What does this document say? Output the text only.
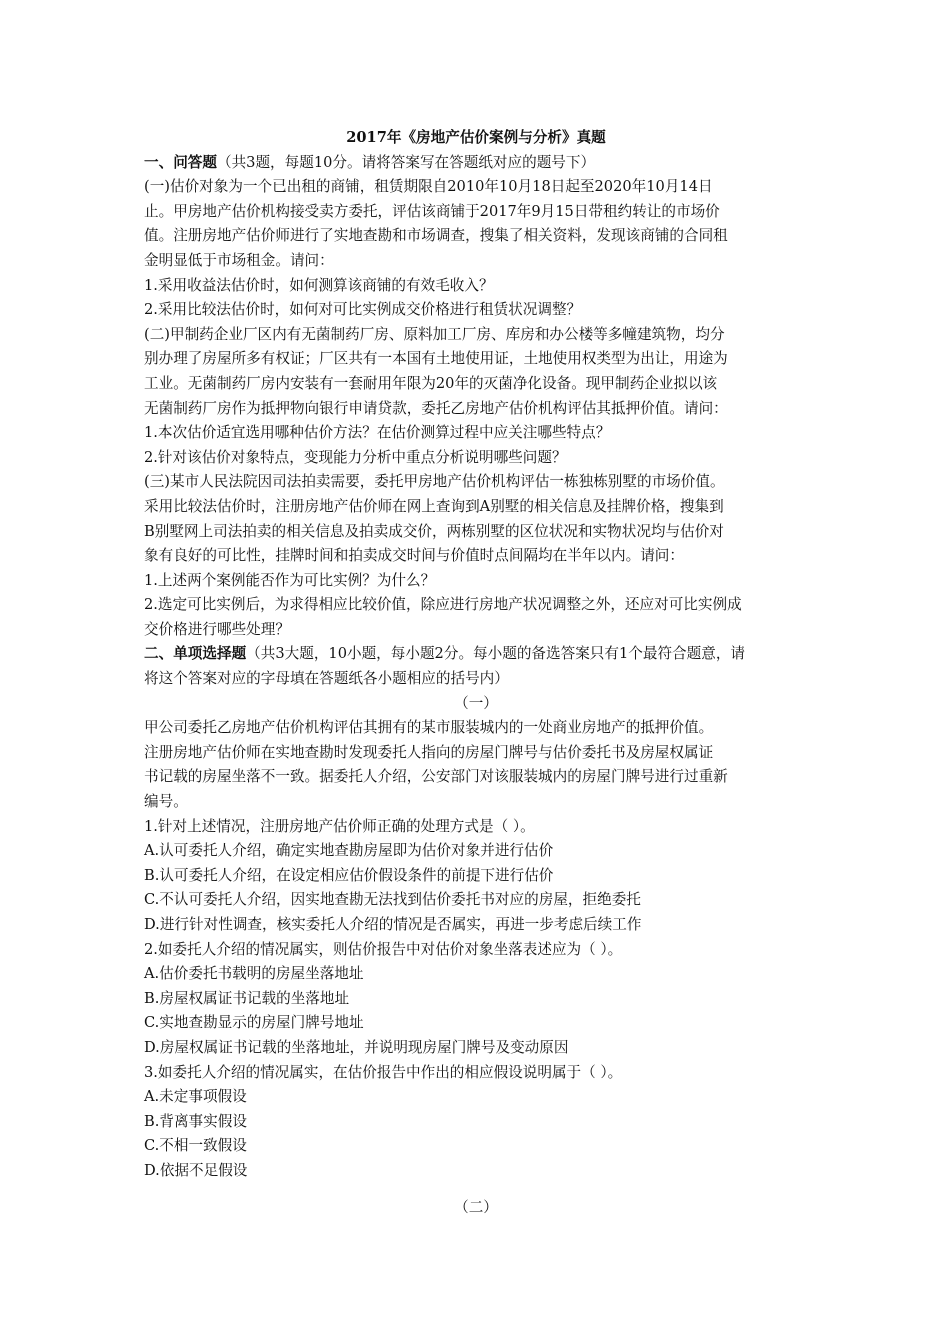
2017年《房地产估价案例与分析》真题
一、问答题（共3题，每题10分。请将答案写在答题纸对应的题号下）
(一)估价对象为一个已出租的商铺，租赁期限自2010年10月18日起至2020年10月14日
止。甲房地产估价机构接受卖方委托，评估该商铺于2017年9月15日带租约转让的市场价
值。注册房地产估价师进行了实地查勘和市场调查，搜集了相关资料，发现该商铺的合同租
金明显低于市场租金。请问：
1.采用收益法估价时，如何测算该商铺的有效毛收入？
2.采用比较法估价时，如何对可比实例成交价格进行租赁状况调整？
(二)甲制药企业厂区内有无菌制药厂房、原料加工厂房、库房和办公楼等多幢建筑物，均分
别办理了房屋所多有权证；厂区共有一本国有土地使用证，土地使用权类型为出让，用途为
工业。无菌制药厂房内安装有一套耐用年限为20年的灭菌净化设备。现甲制药企业拟以该
无菌制药厂房作为抵押物向银行申请贷款，委托乙房地产估价机构评估其抵押价值。请问：
1.本次估价适宜选用哪种估价方法？在估价测算过程中应关注哪些特点？
2.针对该估价对象特点，变现能力分析中重点分析说明哪些问题？
(三)某市人民法院因司法拍卖需要，委托甲房地产估价机构评估一栋独栋别墅的市场价值。
采用比较法估价时，注册房地产估价师在网上查询到A别墅的相关信息及挂牌价格，搜集到
B别墅网上司法拍卖的相关信息及拍卖成交价，两栋别墅的区位状况和实物状况均与估价对
象有良好的可比性，挂牌时间和拍卖成交时间与价值时点间隔均在半年以内。请问：
1.上述两个案例能否作为可比实例？为什么？
2.选定可比实例后，为求得相应比较价值，除应进行房地产状况调整之外，还应对可比实例成
交价格进行哪些处理？
二、单项选择题（共3大题，10小题，每小题2分。每小题的备选答案只有1个最符合题意，请
将这个答案对应的字母填在答题纸各小题相应的括号内）
（一）
甲公司委托乙房地产估价机构评估其拥有的某市服装城内的一处商业房地产的抵押价值。
注册房地产估价师在实地查勘时发现委托人指向的房屋门牌号与估价委托书及房屋权属证
书记载的房屋坐落不一致。据委托人介绍，公安部门对该服装城内的房屋门牌号进行过重新
编号。
1.针对上述情况，注册房地产估价师正确的处理方式是（ ）。
A.认可委托人介绍，确定实地查勘房屋即为估价对象并进行估价
B.认可委托人介绍，在设定相应估价假设条件的前提下进行估价
C.不认可委托人介绍，因实地查勘无法找到估价委托书对应的房屋，拒绝委托
D.进行针对性调查，核实委托人介绍的情况是否属实，再进一步考虑后续工作
2.如委托人介绍的情况属实，则估价报告中对估价对象坐落表述应为（ ）。
A.估价委托书载明的房屋坐落地址
B.房屋权属证书记载的坐落地址
C.实地查勘显示的房屋门牌号地址
D.房屋权属证书记载的坐落地址，并说明现房屋门牌号及变动原因
3.如委托人介绍的情况属实，在估价报告中作出的相应假设说明属于（ ）。
A.未定事项假设
B.背离事实假设
C.不相一致假设
D.依据不足假设
（二）
